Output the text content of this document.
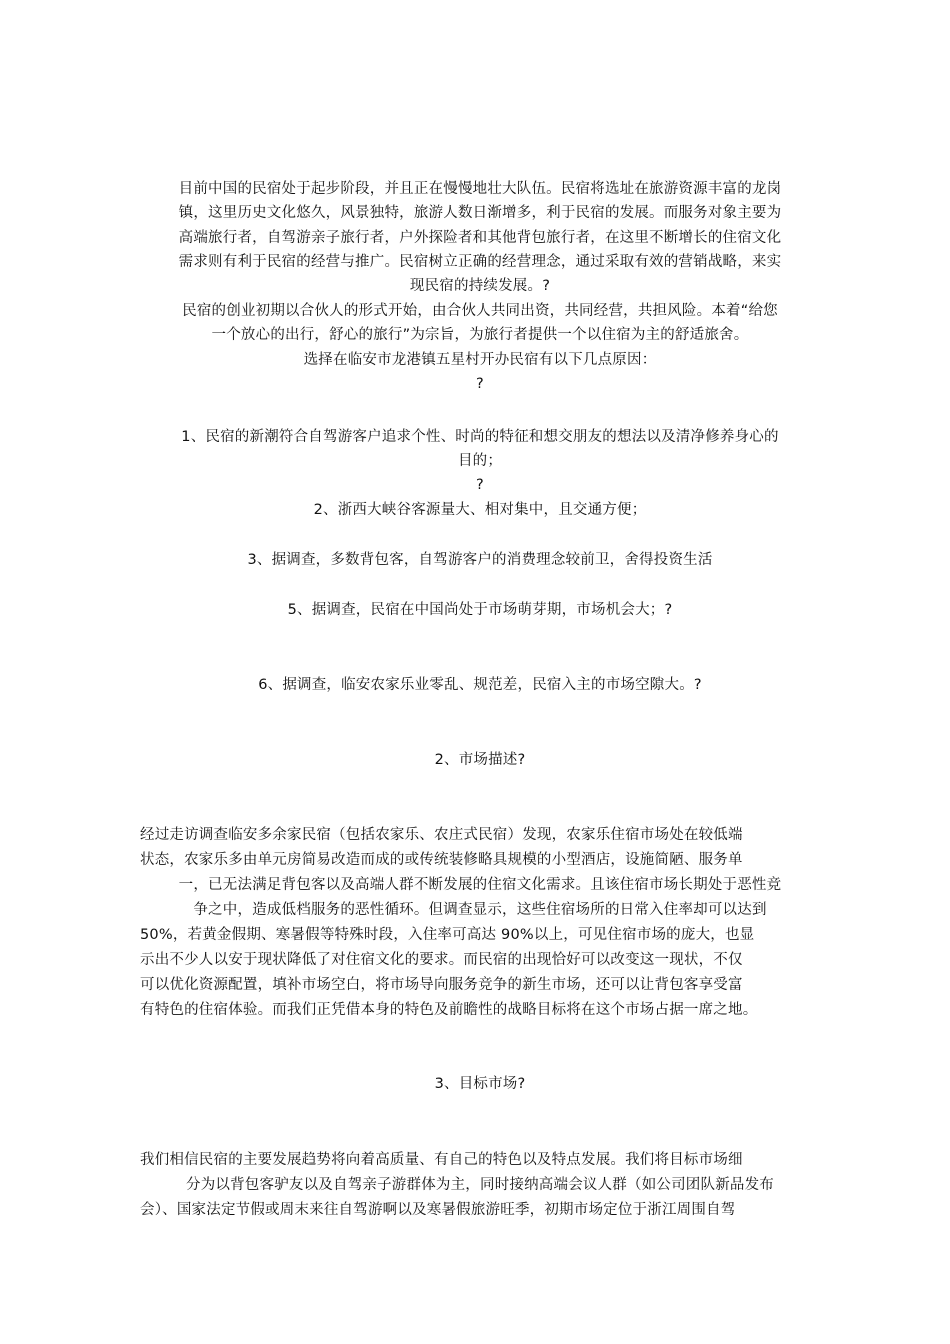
目前中国的民宿处于起步阶段，并且正在慢慢地壮大队伍。民宿将选址在旅游资源丰富的龙岗
镇，这里历史文化悠久，风景独特，旅游人数日渐增多，利于民宿的发展。而服务对象主要为
高端旅行者，自驾游亲子旅行者，户外探险者和其他背包旅行者，在这里不断增长的住宿文化
需求则有利于民宿的经营与推广。民宿树立正确的经营理念，通过采取有效的营销战略，来实
现民宿的持续发展。?
民宿的创业初期以合伙人的形式开始，由合伙人共同出资，共同经营，共担风险。本着“给您
一个放心的出行，舒心的旅行”为宗旨，为旅行者提供一个以住宿为主的舒适旅舍。
选择在临安市龙港镇五星村开办民宿有以下几点原因：
?
1、民宿的新潮符合自驾游客户追求个性、时尚的特征和想交朋友的想法以及清净修养身心的
目的；
?
2、浙西大峡谷客源量大、相对集中，且交通方便；
3、据调查，多数背包客，自驾游客户的消费理念较前卫，舍得投资生活
5、据调查，民宿在中国尚处于市场萌芽期，市场机会大；?
6、据调查，临安农家乐业零乱、规范差，民宿入主的市场空隙大。?
2、市场描述?
经过走访调查临安多余家民宿（包括农家乐、农庄式民宿）发现，农家乐住宿市场处在较低端
状态，农家乐多由单元房简易改造而成的或传统装修略具规模的小型酒店，设施简陋、服务单
一，已无法满足背包客以及高端人群不断发展的住宿文化需求。且该住宿市场长期处于恶性竞
争之中，造成低档服务的恶性循环。但调查显示，这些住宿场所的日常入住率却可以达到
50%，若黄金假期、寒暑假等特殊时段，入住率可高达 90%以上，可见住宿市场的庞大，也显
示出不少人以安于现状降低了对住宿文化的要求。而民宿的出现恰好可以改变这一现状，不仅
可以优化资源配置，填补市场空白，将市场导向服务竞争的新生市场，还可以让背包客享受富
有特色的住宿体验。而我们正凭借本身的特色及前瞻性的战略目标将在这个市场占据一席之地。
3、目标市场?
我们相信民宿的主要发展趋势将向着高质量、有自己的特色以及特点发展。我们将目标市场细
分为以背包客驴友以及自驾亲子游群体为主，同时接纳高端会议人群（如公司团队新品发布
会）、国家法定节假或周末来往自驾游啊以及寒暑假旅游旺季，初期市场定位于浙江周围自驾
